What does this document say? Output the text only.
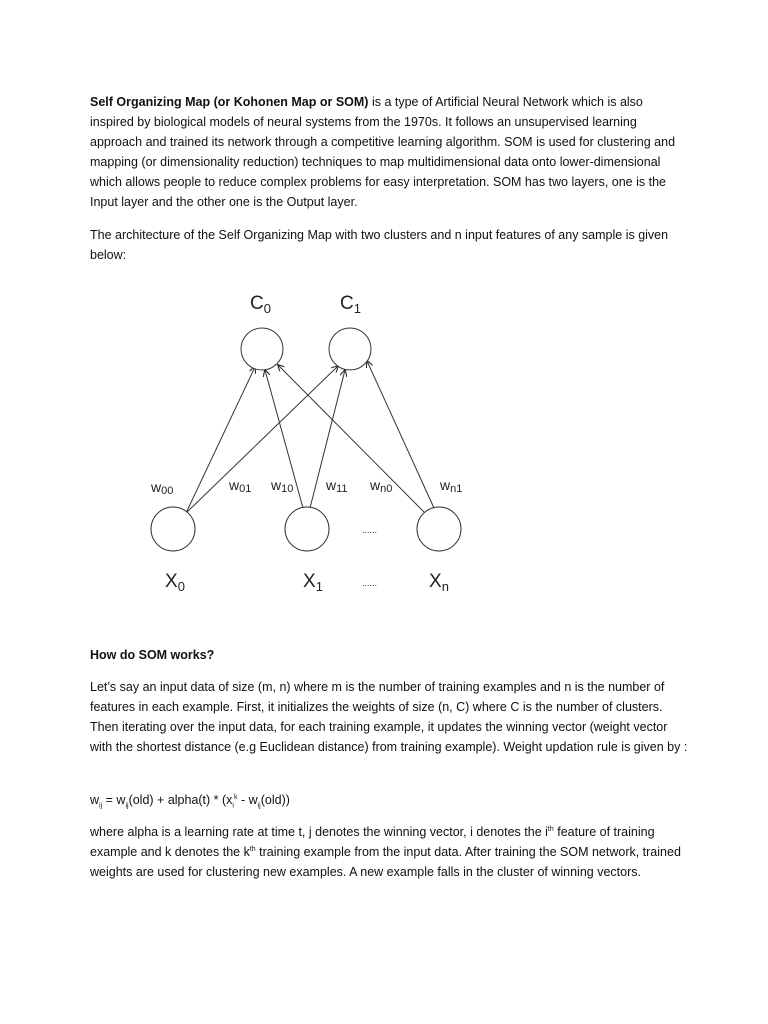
Self Organizing Map (or Kohonen Map or SOM) is a type of Artificial Neural Network which is also inspired by biological models of neural systems from the 1970s. It follows an unsupervised learning approach and trained its network through a competitive learning algorithm. SOM is used for clustering and mapping (or dimensionality reduction) techniques to map multidimensional data onto lower-dimensional which allows people to reduce complex problems for easy interpretation. SOM has two layers, one is the Input layer and the other one is the Output layer.
The architecture of the Self Organizing Map with two clusters and n input features of any sample is given below:
$C_0$	$C_1$
w00	w01 w10 w11 wn0	wn1
......
......
$X_0$	$X_1$	$X_n$
How do SOM works?
Let’s say an input data of size (m, n) where m is the number of training examples and n is the number of features in each example. First, it initializes the weights of size (n, C) where C is the number of clusters. Then iterating over the input data, for each training example, it updates the winning vector (weight vector with the shortest distance (e.g Euclidean distance) from training example). Weight updation rule is given by :
$w_{ij} = w_{ij}(old)$ + alpha(t) * $(x_i^k - w_{ij}(old))$
where alpha is a learning rate at time t, j denotes the winning vector, i denotes the $i^{th}$ feature of training example and k denotes the $k^{th}$ training example from the input data. After training the SOM network, trained weights are used for clustering new examples. A new example falls in the cluster of winning vectors.
